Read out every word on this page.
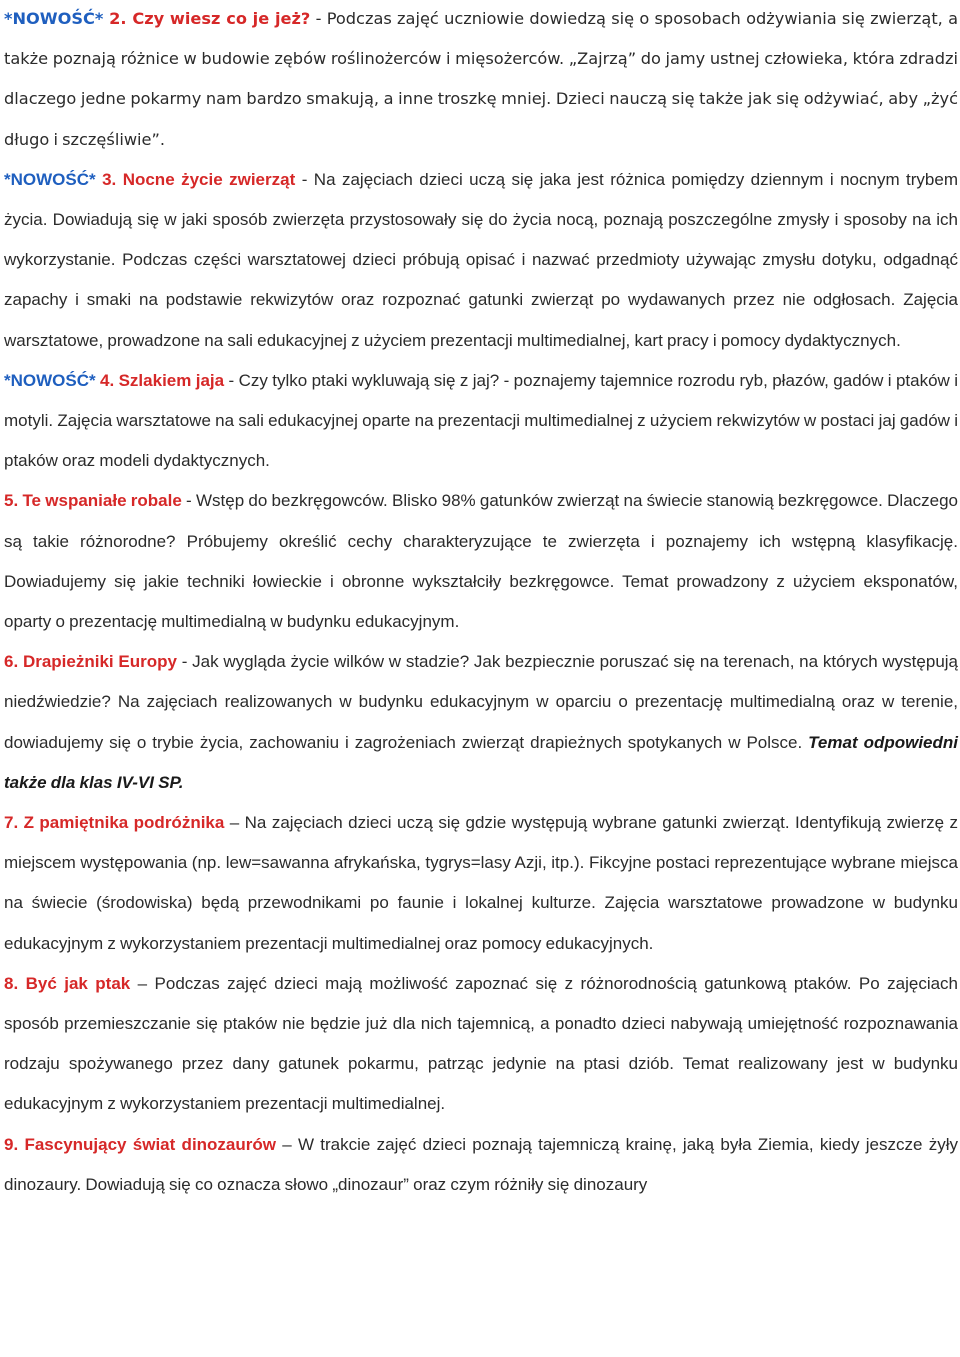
*NOWOŚĆ* 2. Czy wiesz co je jeż? - Podczas zajęć uczniowie dowiedzą się o sposobach odżywiania się zwierząt, a także poznają różnice w budowie zębów roślinożerców i mięsożerców. „Zajrzą” do jamy ustnej człowieka, która zdradzi dlaczego jedne pokarmy nam bardzo smakują, a inne troszkę mniej. Dzieci nauczą się także jak się odżywiać, aby „żyć długo i szczęśliwie”.

*NOWOŚĆ* 3. Nocne życie zwierząt - Na zajęciach dzieci uczą się jaka jest różnica pomiędzy dziennym i nocnym trybem życia. Dowiadują się w jaki sposób zwierzęta przystosowały się do życia nocą, poznają poszczególne zmysły i sposoby na ich wykorzystanie. Podczas części warsztatowej dzieci próbują opisać i nazwać przedmioty używając zmysłu dotyku, odgadnąć zapachy i smaki na podstawie rekwizytów oraz rozpoznać gatunki zwierząt po wydawanych przez nie odgłosach. Zajęcia warsztatowe, prowadzone na sali edukacyjnej z użyciem prezentacji multimedialnej, kart pracy i pomocy dydaktycznych.

*NOWOŚĆ* 4. Szlakiem jaja - Czy tylko ptaki wykluwają się z jaj? - poznajemy tajemnice rozrodu ryb, płazów, gadów i ptaków i motyli. Zajęcia warsztatowe na sali edukacyjnej oparte na prezentacji multimedialnej z użyciem rekwizytów w postaci jaj gadów i ptaków oraz modeli dydaktycznych.

5. Te wspaniałe robale - Wstęp do bezkręgowców. Blisko 98% gatunków zwierząt na świecie stanowią bezkręgowce. Dlaczego są takie różnorodne? Próbujemy określić cechy charakteryzujące te zwierzęta i poznajemy ich wstępną klasyfikację. Dowiadujemy się jakie techniki łowieckie i obronne wykształciły bezkręgowce. Temat prowadzony z użyciem eksponatów, oparty o prezentację multimedialną w budynku edukacyjnym.

6. Drapieżniki Europy - Jak wygląda życie wilków w stadzie? Jak bezpiecznie poruszać się na terenach, na których występują niedźwiedzie? Na zajęciach realizowanych w budynku edukacyjnym w oparciu o prezentację multimedialną oraz w terenie, dowiadujemy się o trybie życia, zachowaniu i zagrożeniach zwierząt drapieżnych spotykanych w Polsce. Temat odpowiedni także dla klas IV-VI SP.

7. Z pamiętnika podróżnika – Na zajęciach dzieci uczą się gdzie występują wybrane gatunki zwierząt. Identyfikują zwierzę z miejscem występowania (np. lew=sawanna afrykańska, tygrys=lasy Azji, itp.). Fikcyjne postaci reprezentujące wybrane miejsca na świecie (środowiska) będą przewodnikami po faunie i lokalnej kulturze. Zajęcia warsztatowe prowadzone w budynku edukacyjnym z wykorzystaniem prezentacji multimedialnej oraz pomocy edukacyjnych.

8. Być jak ptak – Podczas zajęć dzieci mają możliwość zapoznać się z różnorodnością gatunkową ptaków. Po zajęciach sposób przemieszczanie się ptaków nie będzie już dla nich tajemnicą, a ponadto dzieci nabywają umiejętność rozpoznawania rodzaju spożywanego przez dany gatunek pokarmu, patrząc jedynie na ptasi dziób. Temat realizowany jest w budynku edukacyjnym z wykorzystaniem prezentacji multimedialnej.

9. Fascynujący świat dinozaurów – W trakcie zajęć dzieci poznają tajemniczą krainę, jaką była Ziemia, kiedy jeszcze żyły dinozaury. Dowiadują się co oznacza słowo „dinozaur” oraz czym różniły się dinozaury
